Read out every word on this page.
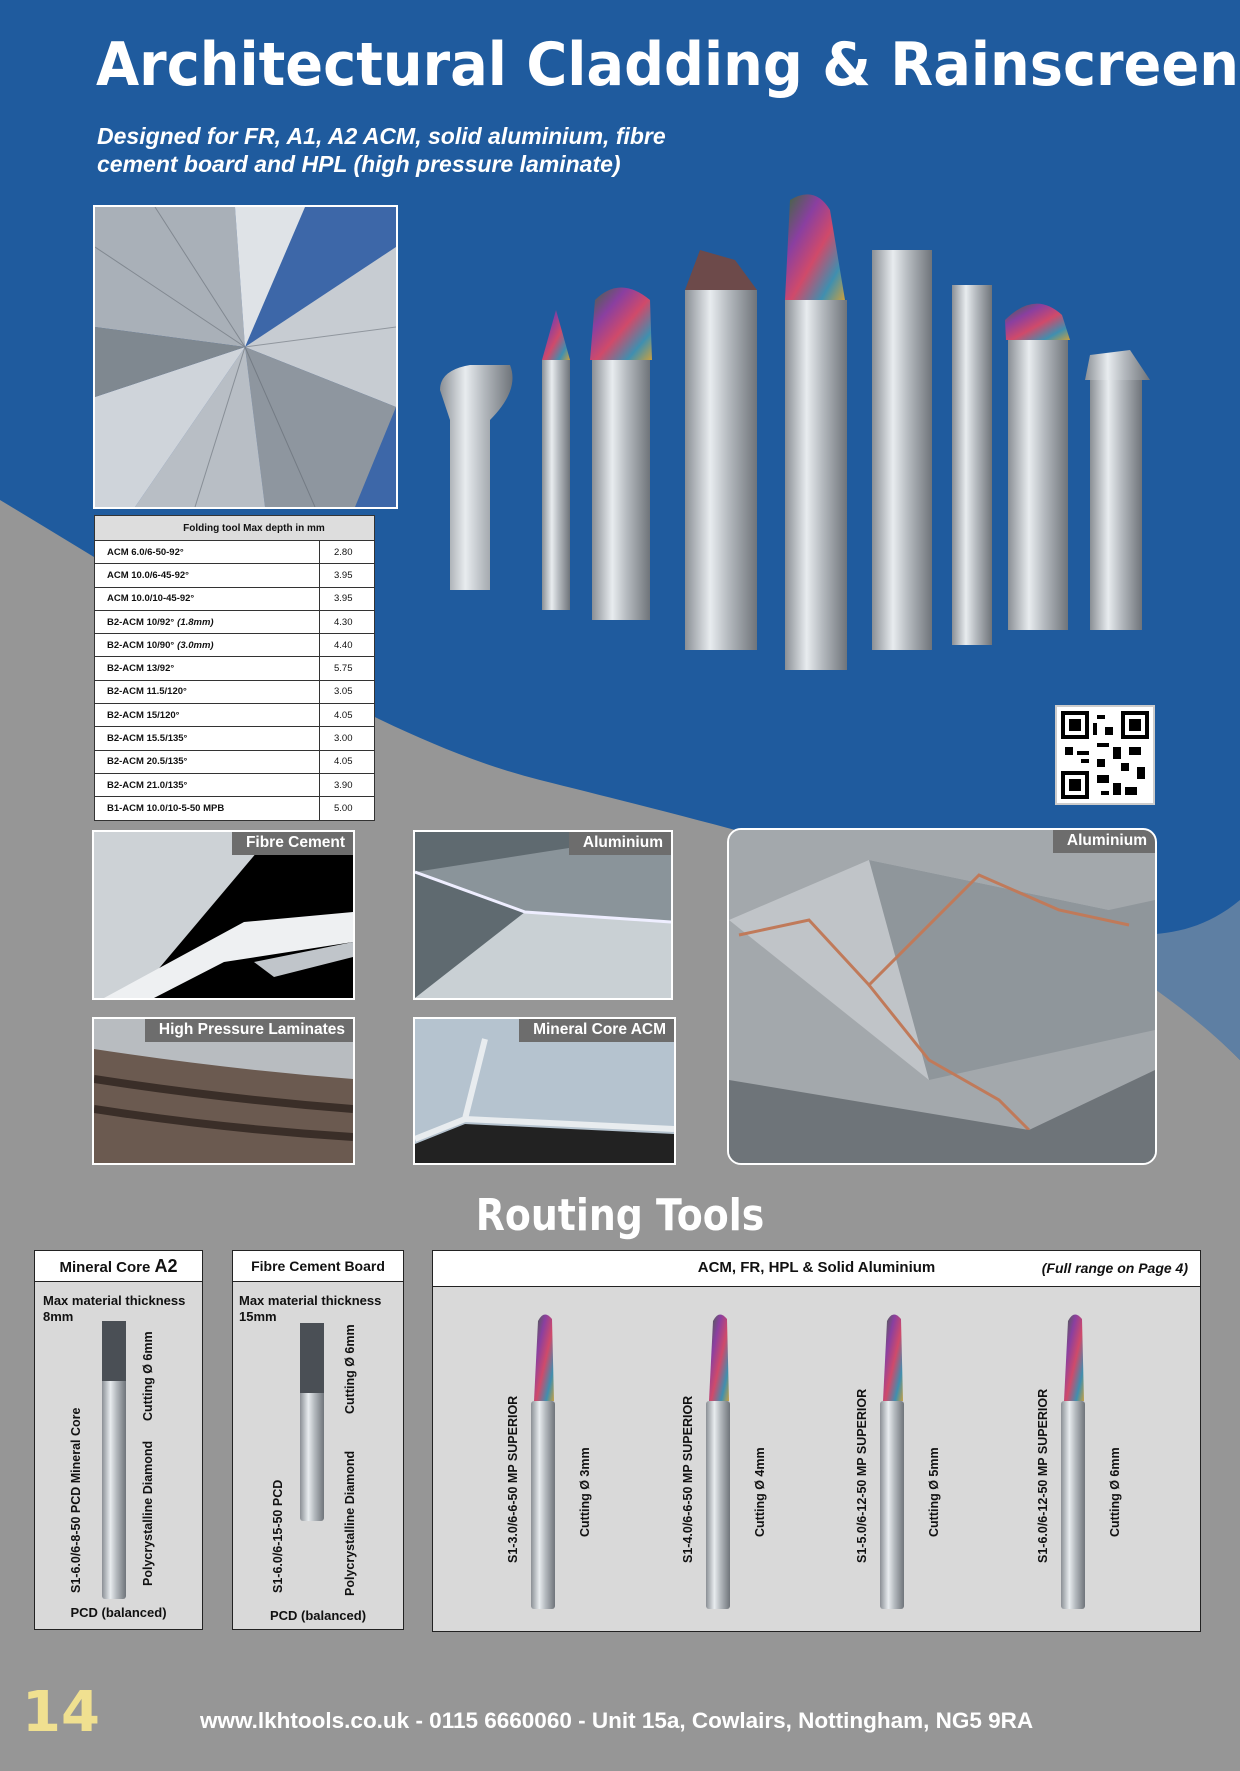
Architectural Cladding & Rainscreen
Designed for FR, A1, A2 ACM, solid aluminium, fibre
cement board and HPL (high pressure laminate)
Folding tool Max depth in mm	
ACM 6.0/6-50-92°	2.80
ACM 10.0/6-45-92°	3.95
ACM 10.0/10-45-92°	3.95
B2-ACM 10/92° (1.8mm)	4.30
B2-ACM 10/90° (3.0mm)	4.40
B2-ACM 13/92°	5.75
B2-ACM 11.5/120°	3.05
B2-ACM 15/120°	4.05
B2-ACM 15.5/135°	3.00
B2-ACM 20.5/135°	4.05
B2-ACM 21.0/135°	3.90
B1-ACM 10.0/10-5-50 MPB	5.00
Fibre Cement	Aluminium
High Pressure Laminates	Mineral Core ACM
Aluminium
Routing Tools
Mineral Core A2
Max material thickness
8mm
S1-6.0/6-8-50 PCD Mineral Core
Cutting Ø 6mm
Polycrystalline Diamond
PCD (balanced)
Fibre Cement Board
Max material thickness
15mm
S1-6.0/6-15-50 PCD
Cutting Ø 6mm
Polycrystalline Diamond
PCD (balanced)
ACM, FR, HPL & Solid Aluminium	(Full range on Page 4)
S1-3.0/6-6-50 MP SUPERIOR	Cutting Ø 3mm	S1-4.0/6-6-50 MP SUPERIOR	Cutting Ø 4mm	S1-5.0/6-12-50 MP SUPERIOR	Cutting Ø 5mm	S1-6.0/6-12-50 MP SUPERIOR	Cutting Ø 6mm
14	www.lkhtools.co.uk - 0115 6660060 - Unit 15a, Cowlairs, Nottingham, NG5 9RA
